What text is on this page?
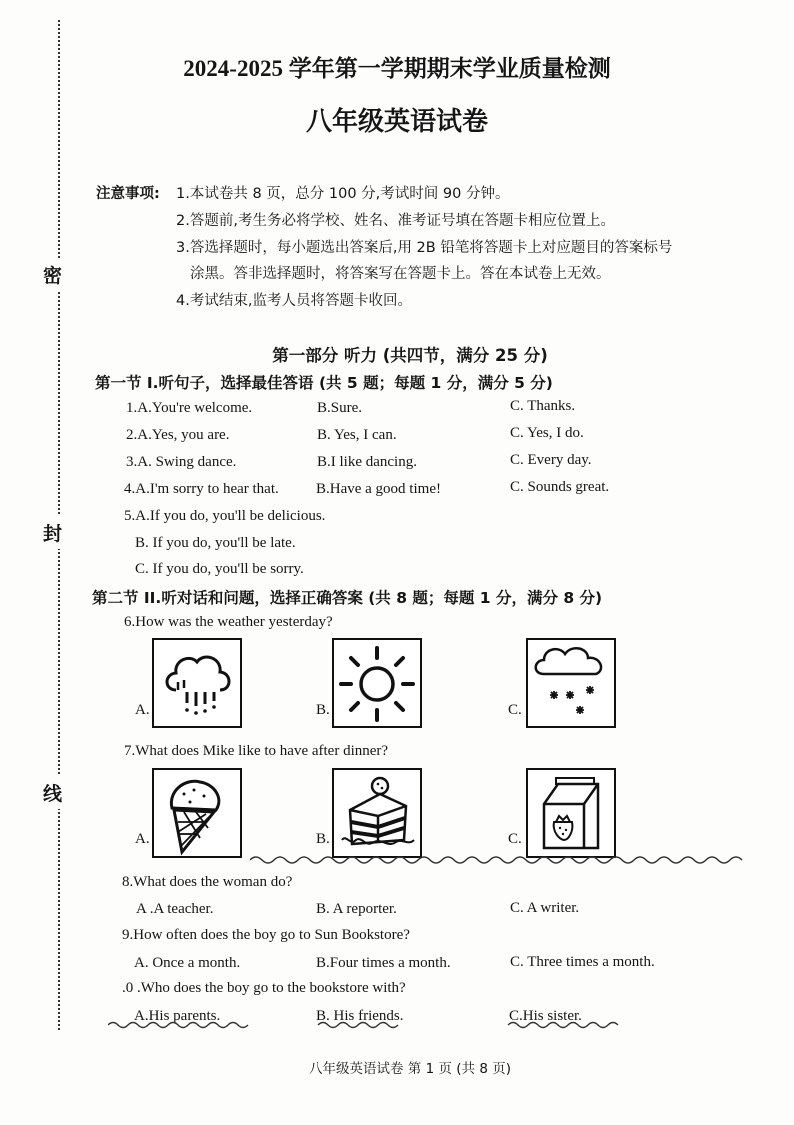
密
封
线
2024-2025 学年第一学期期末学业质量检测
八年级英语试卷
注意事项: 1.本试卷共 8 页，总分 100 分,考试时间 90 分钟。
2.答题前,考生务必将学校、姓名、准考证号填在答题卡相应位置上。
3.答选择题时，每小题选出答案后,用 2B 铅笔将答题卡上对应题目的答案标号
涂黑。答非选择题时，将答案写在答题卡上。答在本试卷上无效。
4.考试结束,监考人员将答题卡收回。
第一部分 听力 (共四节，满分 25 分)
第一节 I.听句子，选择最佳答语 (共 5 题；每题 1 分，满分 5 分)
1.A.You're welcome.	B.Sure.	C. Thanks.
2.A.Yes, you are.	B. Yes, I can.	C. Yes, I do.
3.A. Swing dance.	B.I like dancing.	C. Every day.
4.A.I'm sorry to hear that. B.Have a good time!	C. Sounds great.
5.A.If you do, you'll be delicious.
B. If you do, you'll be late.
C. If you do, you'll be sorry.
第二节 II.听对话和问题，选择正确答案 (共 8 题；每题 1 分，满分 8 分)
6.How was the weather yesterday?
A.	B.	C.
7.What does Mike like to have after dinner?
A.	B.	C.
8.What does the woman do?
A .A teacher.	B. A reporter.	C. A writer.
9.How often does the boy go to Sun Bookstore?
A. Once a month.	B.Four times a month.	C. Three times a month.
.0 .Who does the boy go to the bookstore with?
A.His parents.	B. His friends.	C.His sister.
八年级英语试卷 第 1 页 (共 8 页)
